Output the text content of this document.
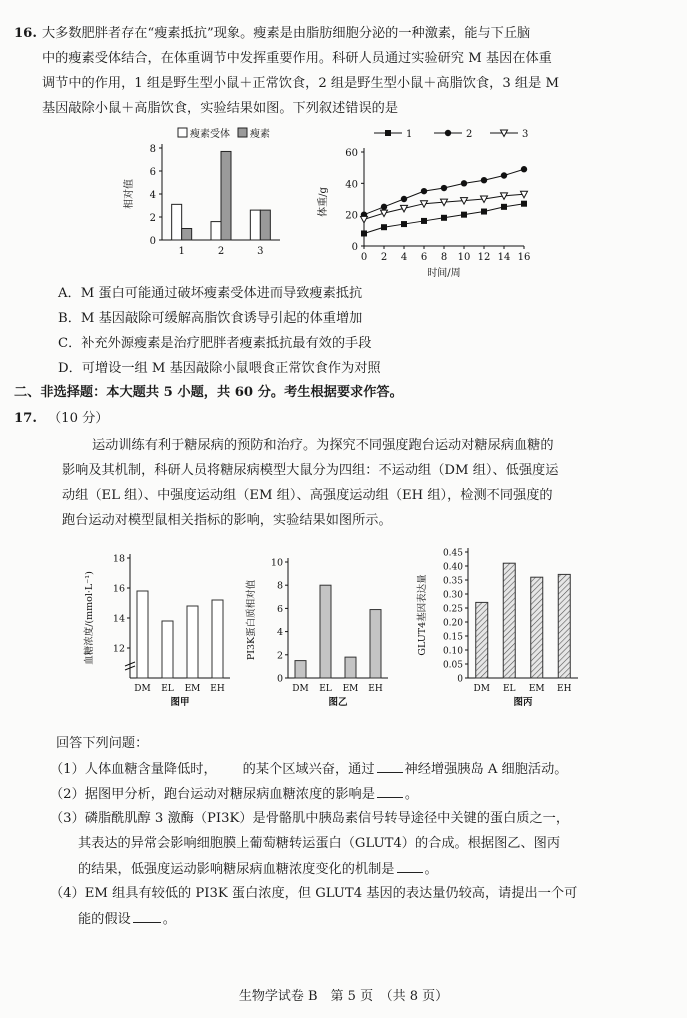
16. 大多数肥胖者存在“瘦素抵抗”现象。瘦素是由脂肪细胞分泌的一种激素，能与下丘脑
中的瘦素受体结合，在体重调节中发挥重要作用。科研人员通过实验研究 M 基因在体重
调节中的作用，1 组是野生型小鼠＋正常饮食，2 组是野生型小鼠＋高脂饮食，3 组是 M
基因敲除小鼠＋高脂饮食，实验结果如图。下列叙述错误的是
瘦素受体 瘦素
0
2
4
6
8
相对值
1	2	3
1	2	3
0
20
40
60
0 2 4 6 8 10 12 14 16
体重/g
时间/周
A．M 蛋白可能通过破坏瘦素受体进而导致瘦素抵抗
B．M 基因敲除可缓解高脂饮食诱导引起的体重增加
C．补充外源瘦素是治疗肥胖者瘦素抵抗最有效的手段
D．可增设一组 M 基因敲除小鼠喂食正常饮食作为对照
二、非选择题：本大题共 5 小题，共 60 分。考生根据要求作答。
17. （10 分）
运动训练有利于糖尿病的预防和治疗。为探究不同强度跑台运动对糖尿病血糖的
影响及其机制，科研人员将糖尿病模型大鼠分为四组：不运动组（DM 组）、低强度运
动组（EL 组）、中强度运动组（EM 组）、高强度运动组（EH 组），检测不同强度的
跑台运动对模型鼠相关指标的影响，实验结果如图所示。
12
14
16
18
血糖浓度/(mmol·L⁻¹)
DM EL EM EH
图甲
0
2
4
6
8
10
PI3K蛋白质相对值
DM EL EM EH
图乙
0
0.05
0.10
0.15
0.20
0.25
0.30
0.35
0.40
0.45
GLUT4基因表达量
DM EL EM EH
图丙
回答下列问题：
（1）人体血糖含量降低时， 的某个区域兴奋，通过 神经增强胰岛 A 细胞活动。
（2）据图甲分析，跑台运动对糖尿病血糖浓度的影响是 。
（3）磷脂酰肌醇 3 激酶（PI3K）是骨骼肌中胰岛素信号转导途径中关键的蛋白质之一，
其表达的异常会影响细胞膜上葡萄糖转运蛋白（GLUT4）的合成。根据图乙、图丙
的结果，低强度运动影响糖尿病血糖浓度变化的机制是 。
（4）EM 组具有较低的 PI3K 蛋白浓度，但 GLUT4 基因的表达量仍较高，请提出一个可
能的假设 。
生物学试卷 B　第 5 页　（共 8 页）
